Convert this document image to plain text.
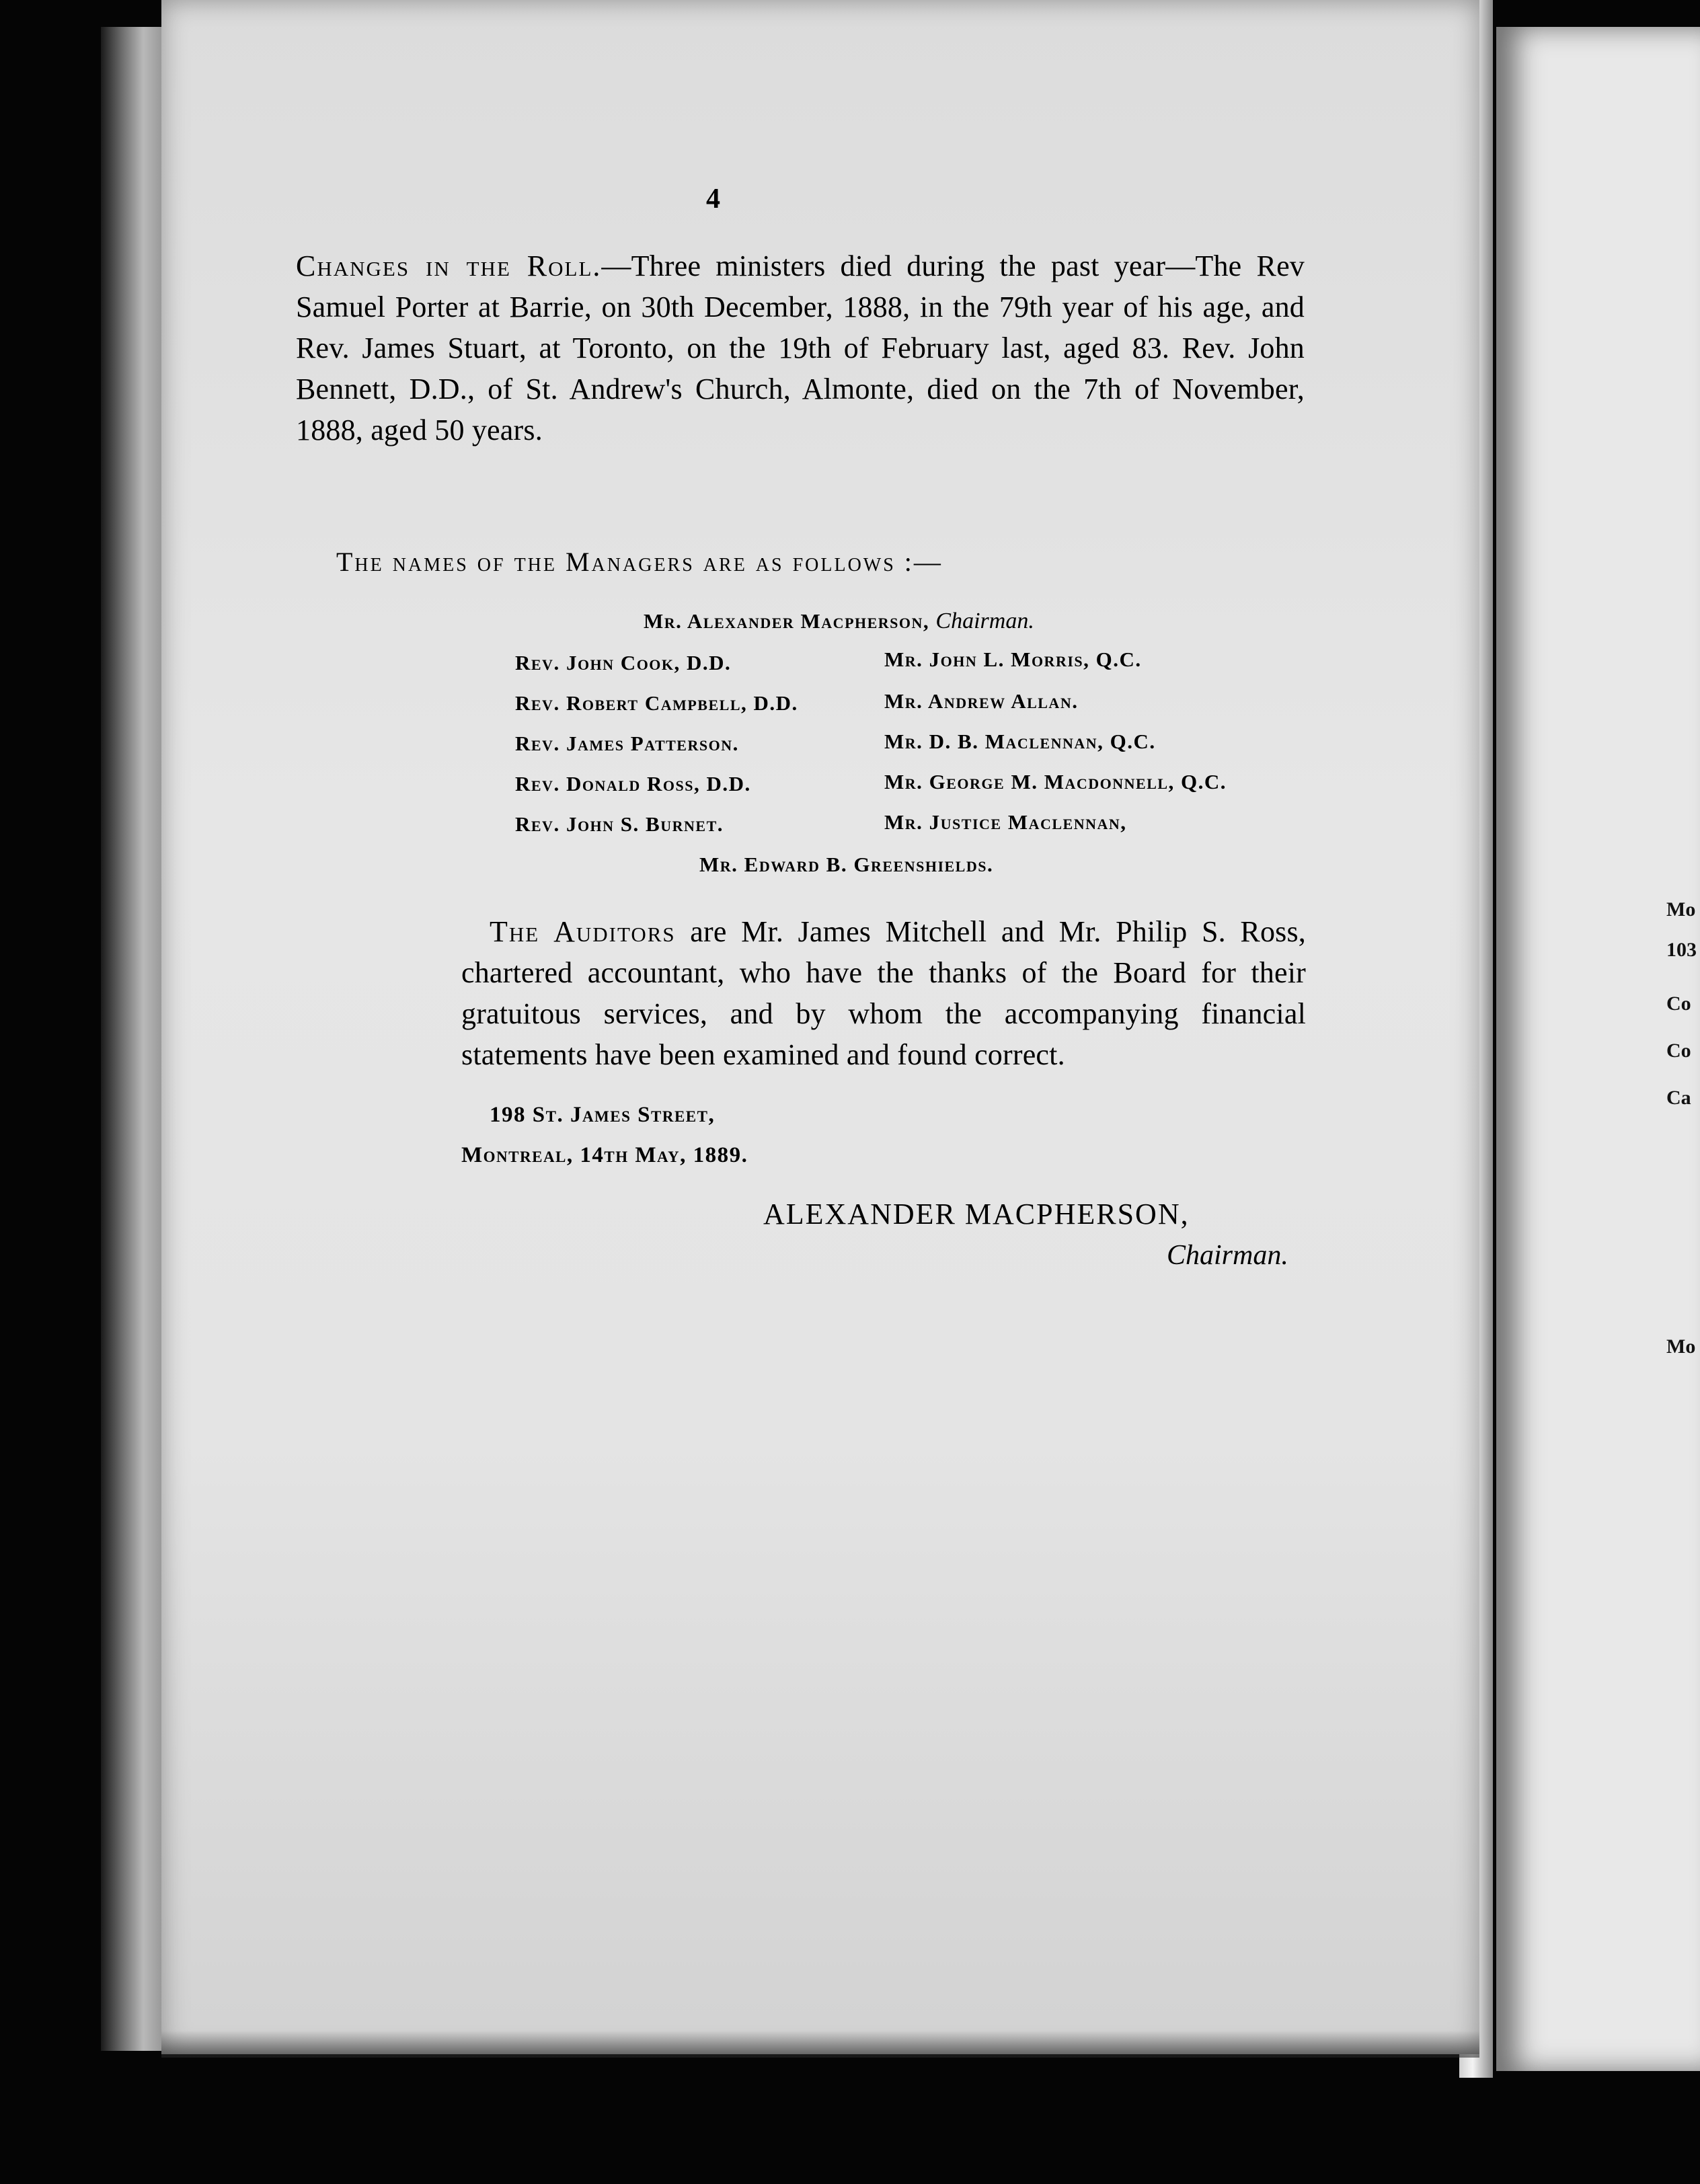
Mo
103
Co
Co
Ca
Mo
4
Changes in the Roll.—Three ministers died during the past year—The Rev Samuel Porter at Barrie, on 30th December, 1888, in the 79th year of his age, and Rev. James Stuart, at Toronto, on the 19th of February last, aged 83. Rev. John Bennett, D.D., of St. Andrew's Church, Almonte, died on the 7th of November, 1888, aged 50 years.
The names of the Managers are as follows :—
Mr. Alexander Macpherson, Chairman.
Rev. John Cook, D.D.
Rev. Robert Campbell, D.D.
Rev. James Patterson.
Rev. Donald Ross, D.D.
Rev. John S. Burnet.
Mr. John L. Morris, Q.C.
Mr. Andrew Allan.
Mr. D. B. Maclennan, Q.C.
Mr. George M. Macdonnell, Q.C.
Mr. Justice Maclennan,
Mr. Edward B. Greenshields.
The Auditors are Mr. James Mitchell and Mr. Philip S. Ross, chartered accountant, who have the thanks of the Board for their gratuitous services, and by whom the accompanying financial statements have been examined and found correct.
198 St. James Street,
Montreal, 14th May, 1889.
ALEXANDER MACPHERSON,
Chairman.
